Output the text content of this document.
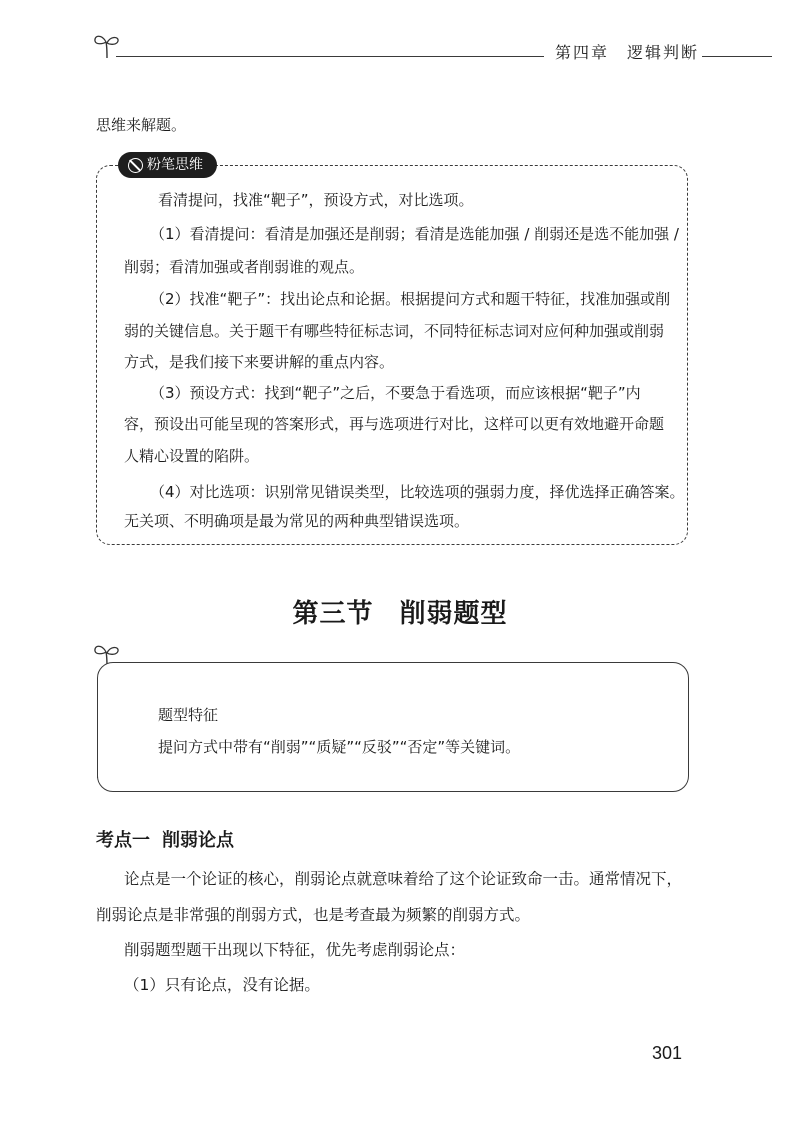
第四章 逻辑判断
思维来解题。
粉笔思维
看清提问，找准“靶子”，预设方式，对比选项。
（1）看清提问：看清是加强还是削弱；看清是选能加强 / 削弱还是选不能加强 /
削弱；看清加强或者削弱谁的观点。
（2）找准“靶子”：找出论点和论据。根据提问方式和题干特征，找准加强或削
弱的关键信息。关于题干有哪些特征标志词，不同特征标志词对应何种加强或削弱
方式，是我们接下来要讲解的重点内容。
（3）预设方式：找到“靶子”之后，不要急于看选项，而应该根据“靶子”内
容，预设出可能呈现的答案形式，再与选项进行对比，这样可以更有效地避开命题
人精心设置的陷阱。
（4）对比选项：识别常见错误类型，比较选项的强弱力度，择优选择正确答案。
无关项、不明确项是最为常见的两种典型错误选项。
第三节 削弱题型
题型特征
提问方式中带有“削弱”“质疑”“反驳”“否定”等关键词。
考点一 削弱论点
论点是一个论证的核心，削弱论点就意味着给了这个论证致命一击。通常情况下，
削弱论点是非常强的削弱方式，也是考查最为频繁的削弱方式。
削弱题型题干出现以下特征，优先考虑削弱论点：
（1）只有论点，没有论据。
301
